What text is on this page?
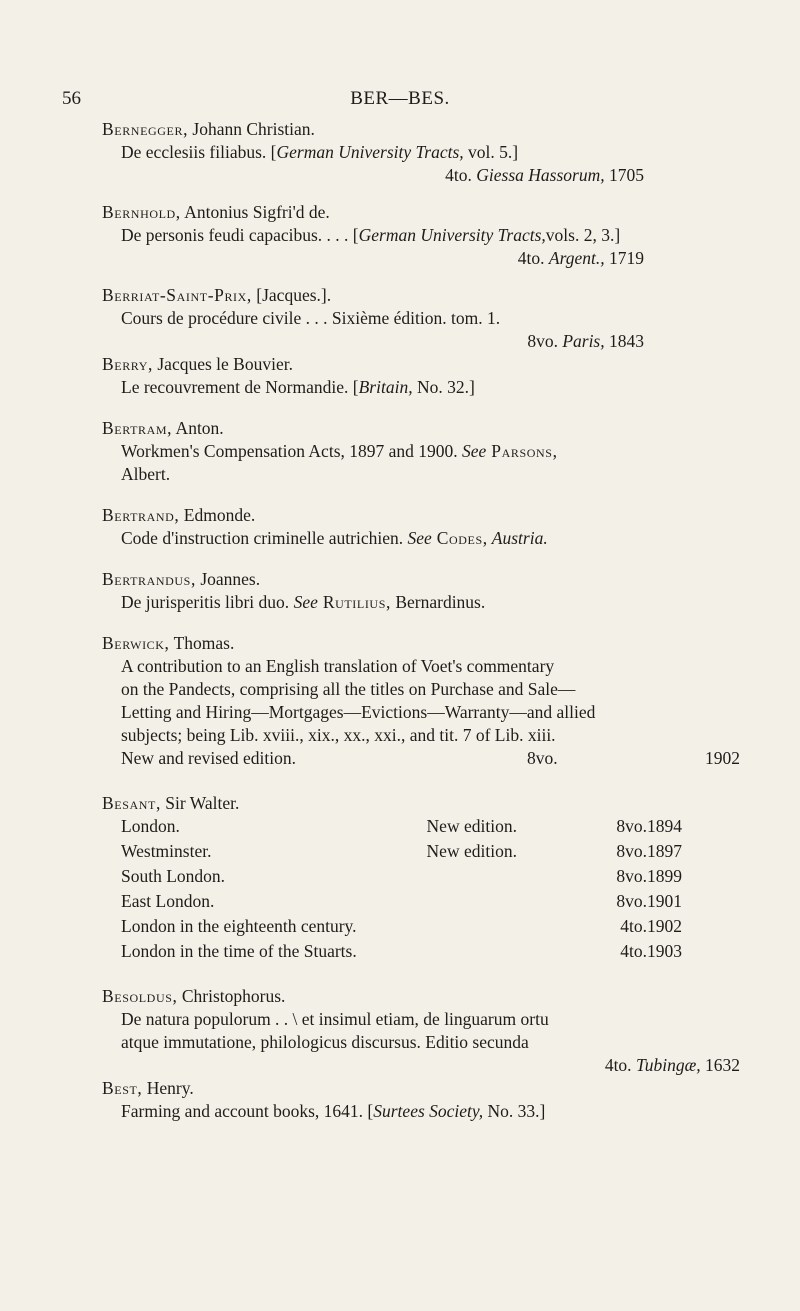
56	BER—BES.
Bernegger, Johann Christian.
De ecclesiis filiabus. [German University Tracts, vol. 5.]
4to. Giessa Hassorum, 1705
Bernhold, Antonius Sigfri'd de.
De personis feudi capacibus. . . . [German University Tracts,vols. 2, 3.]
4to. Argent., 1719
Berriat-Saint-Prix, [Jacques.].
Cours de procédure civile . . . Sixième édition. tom. 1.
8vo. Paris, 1843
Berry, Jacques le Bouvier.
Le recouvrement de Normandie. [Britain, No. 32.]
Bertram, Anton.
Workmen's Compensation Acts, 1897 and 1900. See Parsons,
Albert.
Bertrand, Edmonde.
Code d'instruction criminelle autrichien. See Codes, Austria.
Bertrandus, Joannes.
De jurisperitis libri duo. See Rutilius, Bernardinus.
Berwick, Thomas.
A contribution to an English translation of Voet's commentary
on the Pandects, comprising all the titles on Purchase and Sale—
Letting and Hiring—Mortgages—Evictions—Warranty—and allied
subjects; being Lib. xviii., xix., xx., xxi., and tit. 7 of Lib. xiii.
New and revised edition.	8vo.	1902
Besant, Sir Walter.
London.	New edition.	8vo.	1894
Westminster.	New edition.	8vo.	1897
South London.		8vo.	1899
East London.		8vo.	1901
London in the eighteenth century.		4to.	1902
London in the time of the Stuarts.		4to.	1903
Besoldus, Christophorus.
De natura populorum . . \ et insimul etiam, de linguarum ortu
atque immutatione, philologicus discursus. Editio secunda
4to. Tubingæ, 1632
Best, Henry.
Farming and account books, 1641. [Surtees Society, No. 33.]
